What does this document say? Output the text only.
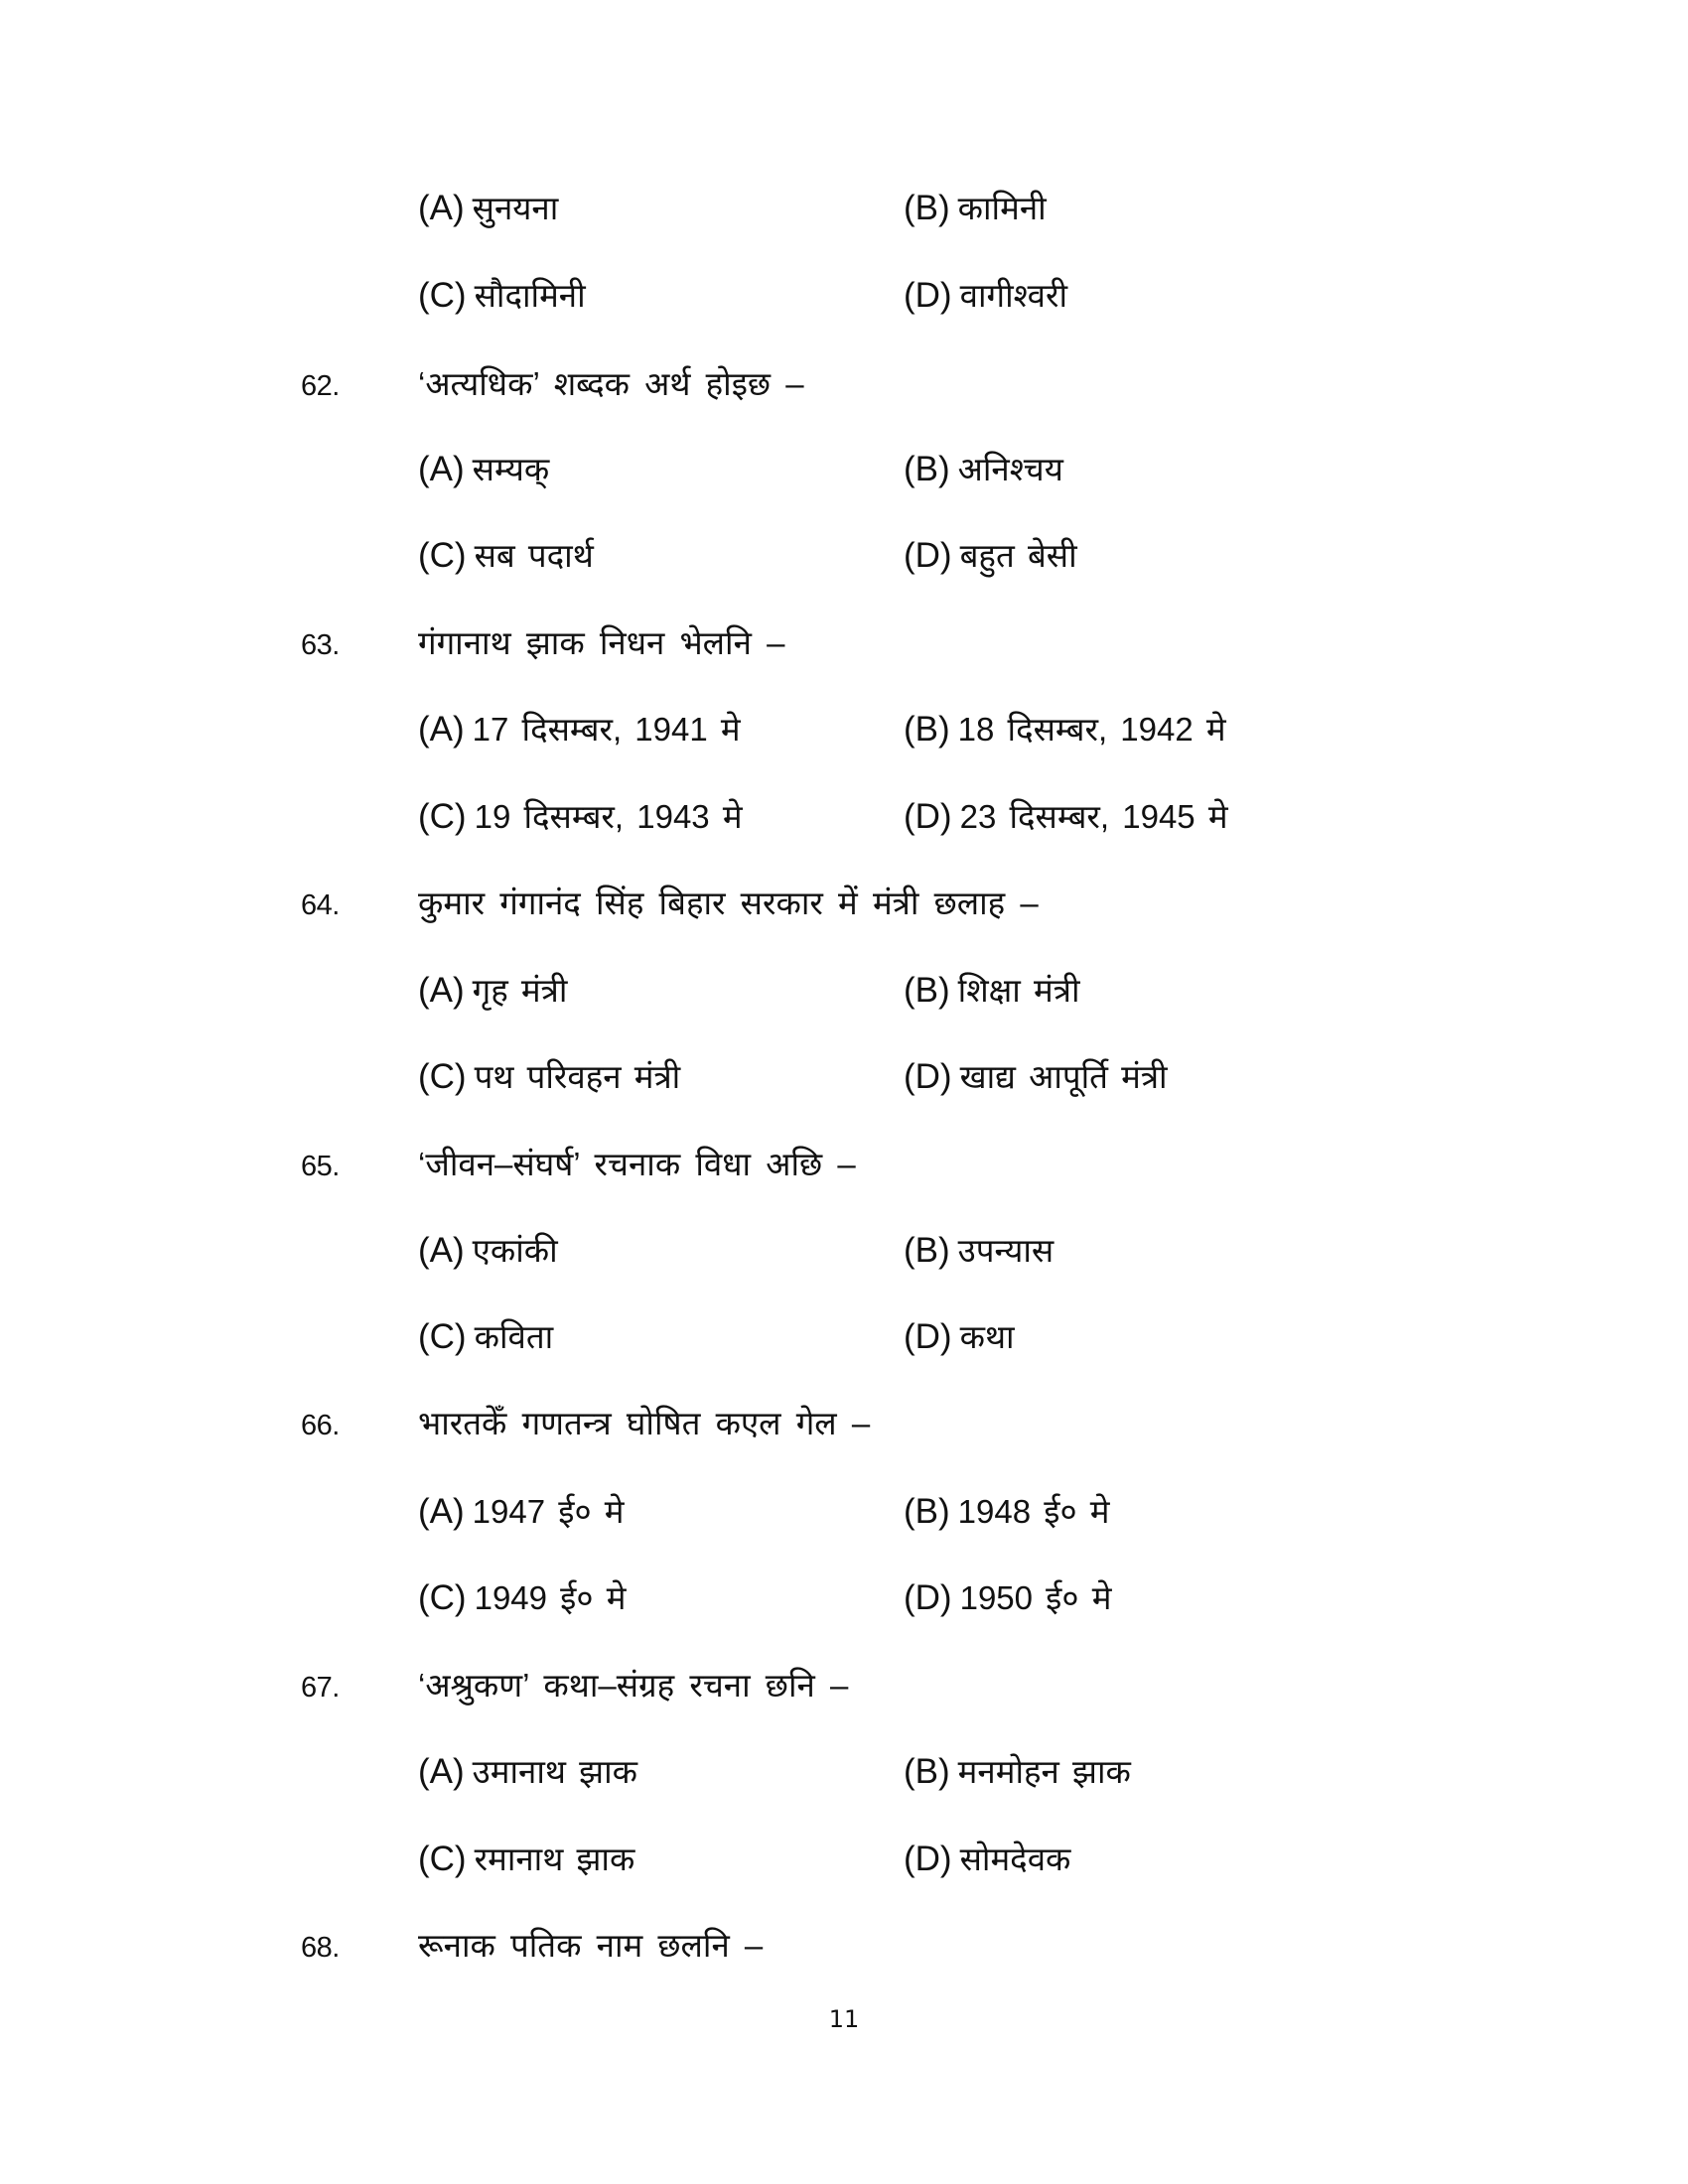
(A) सुनयना	(B) कामिनी
(C) सौदामिनी	(D) वागीश्वरी
62. ‘अत्यधिक’ शब्दक अर्थ होइछ –
(A) सम्यक्	(B) अनिश्चय
(C) सब पदार्थ	(D) बहुत बेसी
63. गंगानाथ झाक निधन भेलनि –
(A) 17 दिसम्बर, 1941 मे	(B) 18 दिसम्बर, 1942 मे
(C) 19 दिसम्बर, 1943 मे	(D) 23 दिसम्बर, 1945 मे
64. कुमार गंगानंद सिंह बिहार सरकार में मंत्री छलाह –
(A) गृह मंत्री	(B) शिक्षा मंत्री
(C) पथ परिवहन मंत्री	(D) खाद्य आपूर्ति मंत्री
65. ‘जीवन–संघर्ष’ रचनाक विधा अछि –
(A) एकांकी	(B) उपन्यास
(C) कविता	(D) कथा
66. भारतकेँ गणतन्त्र घोषित कएल गेल –
(A) 1947 ई० मे	(B) 1948 ई० मे
(C) 1949 ई० मे	(D) 1950 ई० मे
67. ‘अश्रुकण’ कथा–संग्रह रचना छनि –
(A) उमानाथ झाक	(B) मनमोहन झाक
(C) रमानाथ झाक	(D) सोमदेवक
68. रूनाक पतिक नाम छलनि –
11
